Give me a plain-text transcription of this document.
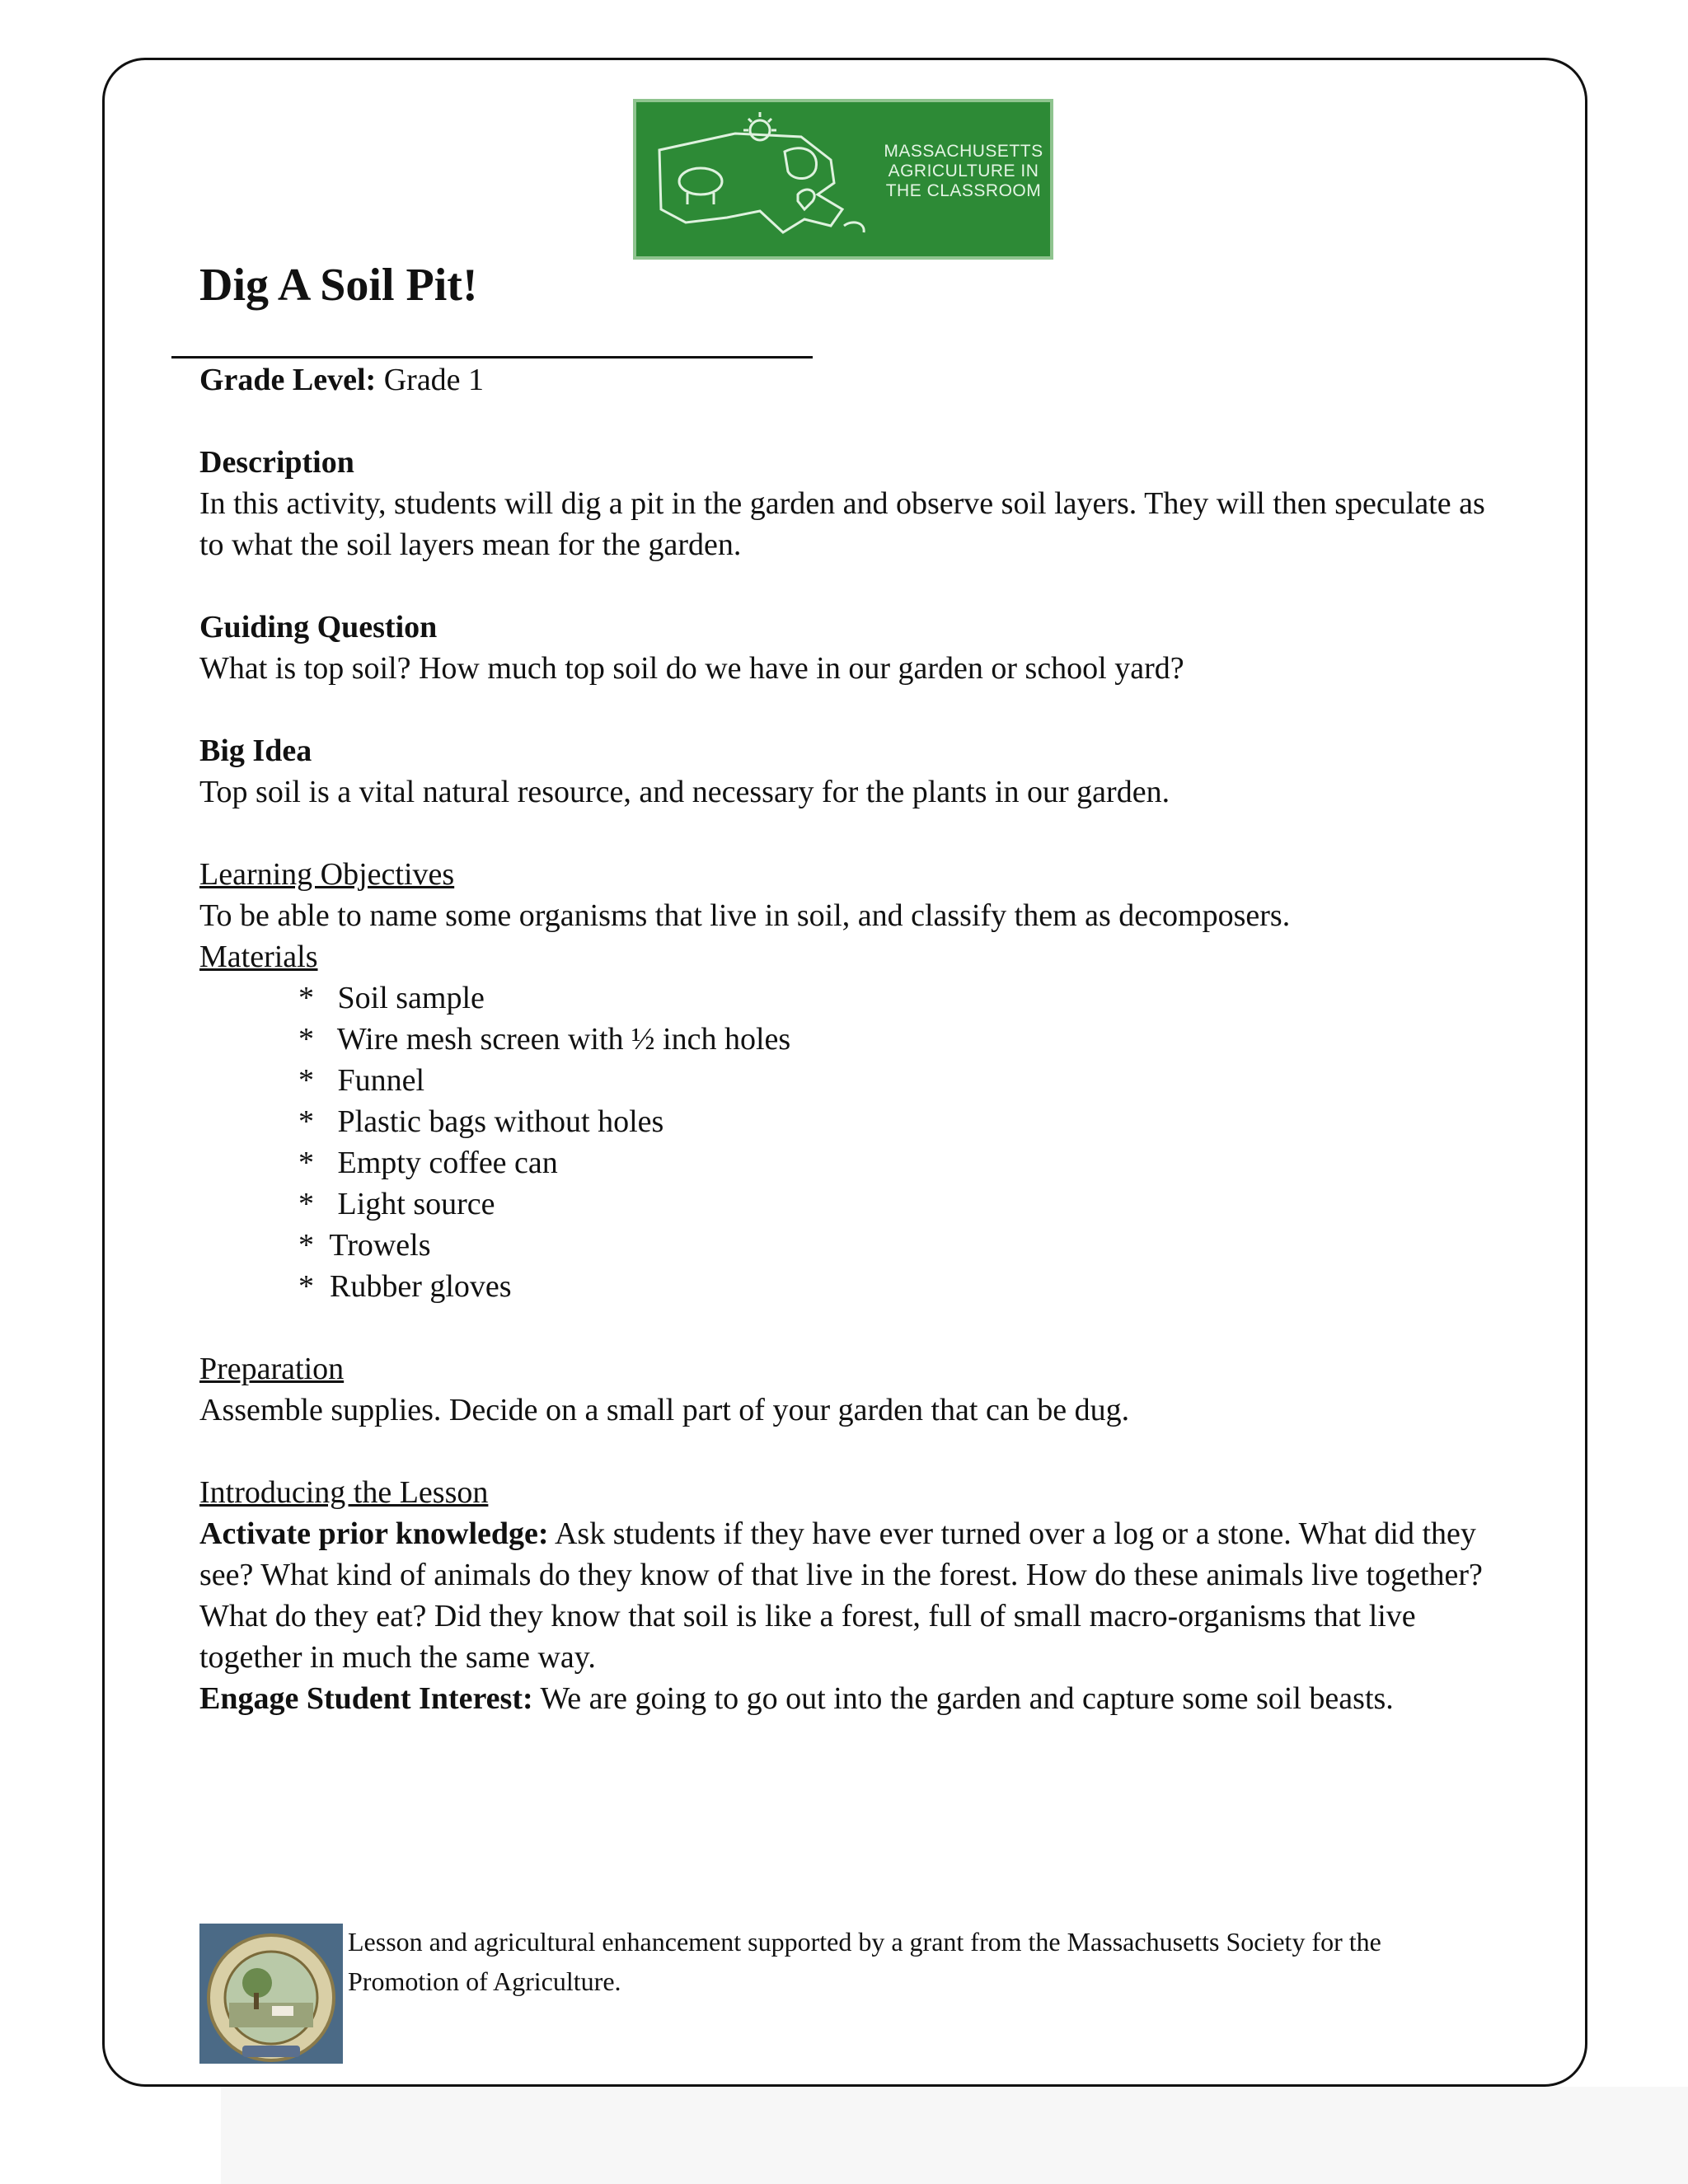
MASSACHUSETTS AGRICULTURE IN THE CLASSROOM
Dig A Soil Pit!

Grade Level: Grade 1

Description

In this activity, students will dig a pit in the garden and observe soil layers. They will then speculate as to what the soil layers mean for the garden.

Guiding Question

What is top soil? How much top soil do we have in our garden or school yard?

Big Idea

Top soil is a vital natural resource, and necessary for the plants in our garden.

Learning Objectives

To be able to name some organisms that live in soil, and classify them as decomposers.

Materials

*   Soil sample
*   Wire mesh screen with ½ inch holes
*   Funnel
*   Plastic bags without holes
*   Empty coffee can
*   Light source
*  Trowels
*  Rubber gloves

Preparation

Assemble supplies. Decide on a small part of your garden that can be dug.

Introducing the Lesson

Activate prior knowledge: Ask students if they have ever turned over a log or a stone. What did they see? What kind of animals do they know of that live in the forest. How do these animals live together? What do they eat? Did they know that soil is like a forest, full of small macro-organisms that live together in much the same way.

Engage Student Interest: We are going to go out into the garden and capture some soil beasts.

Lesson and agricultural enhancement supported by a grant from the Massachusetts Society for the Promotion of Agriculture.
